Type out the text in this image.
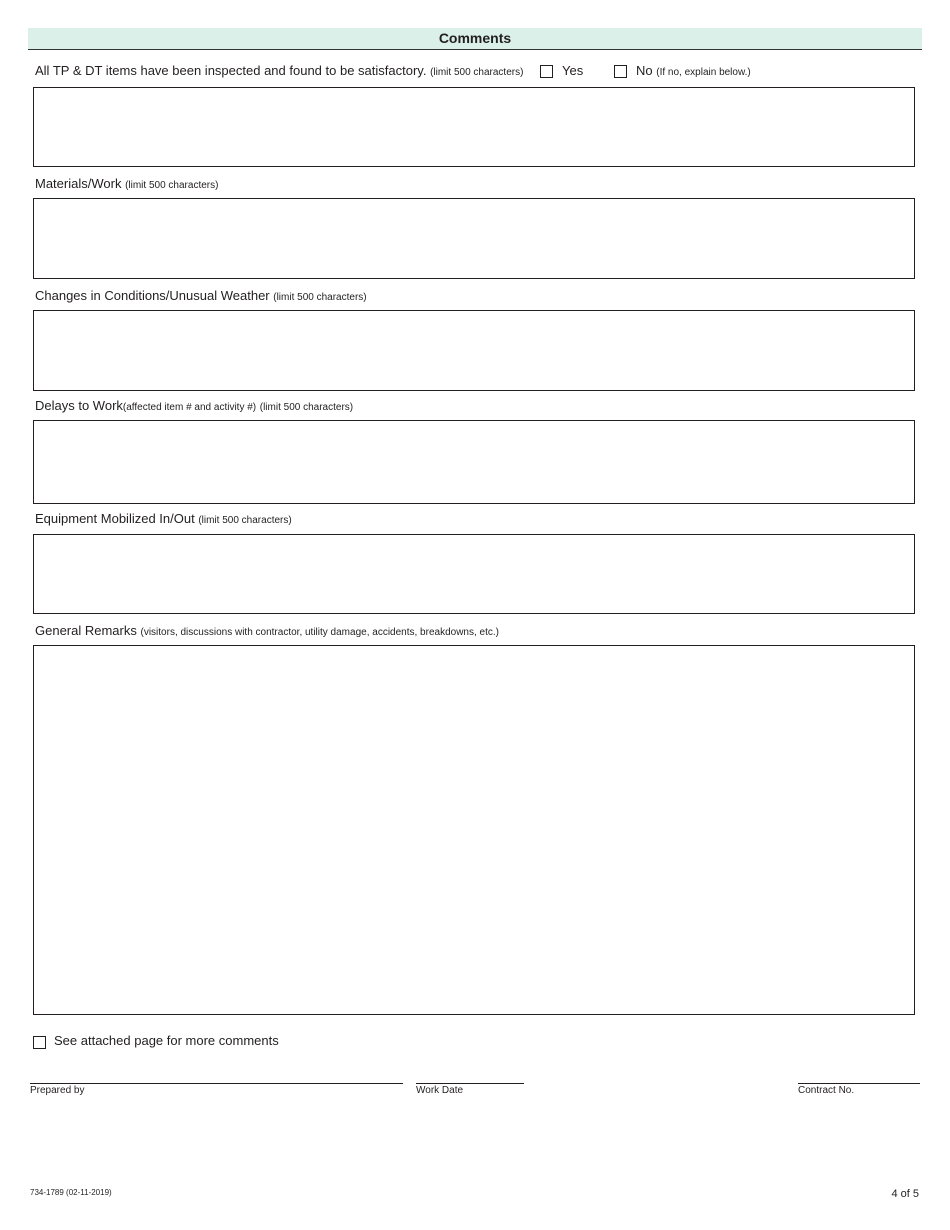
Comments
All TP & DT items have been inspected and found to be satisfactory. (limit 500 characters)	Yes	No (If no, explain below.)
Materials/Work (limit 500 characters)
Changes in Conditions/Unusual Weather (limit 500 characters)
Delays to Work(affected item # and activity #) (limit 500 characters)
Equipment Mobilized In/Out (limit 500 characters)
General Remarks (visitors, discussions with contractor, utility damage, accidents, breakdowns, etc.)
See attached page for more comments
Prepared by	Work Date	Contract No.
734-1789 (02-11-2019)	4 of 5
